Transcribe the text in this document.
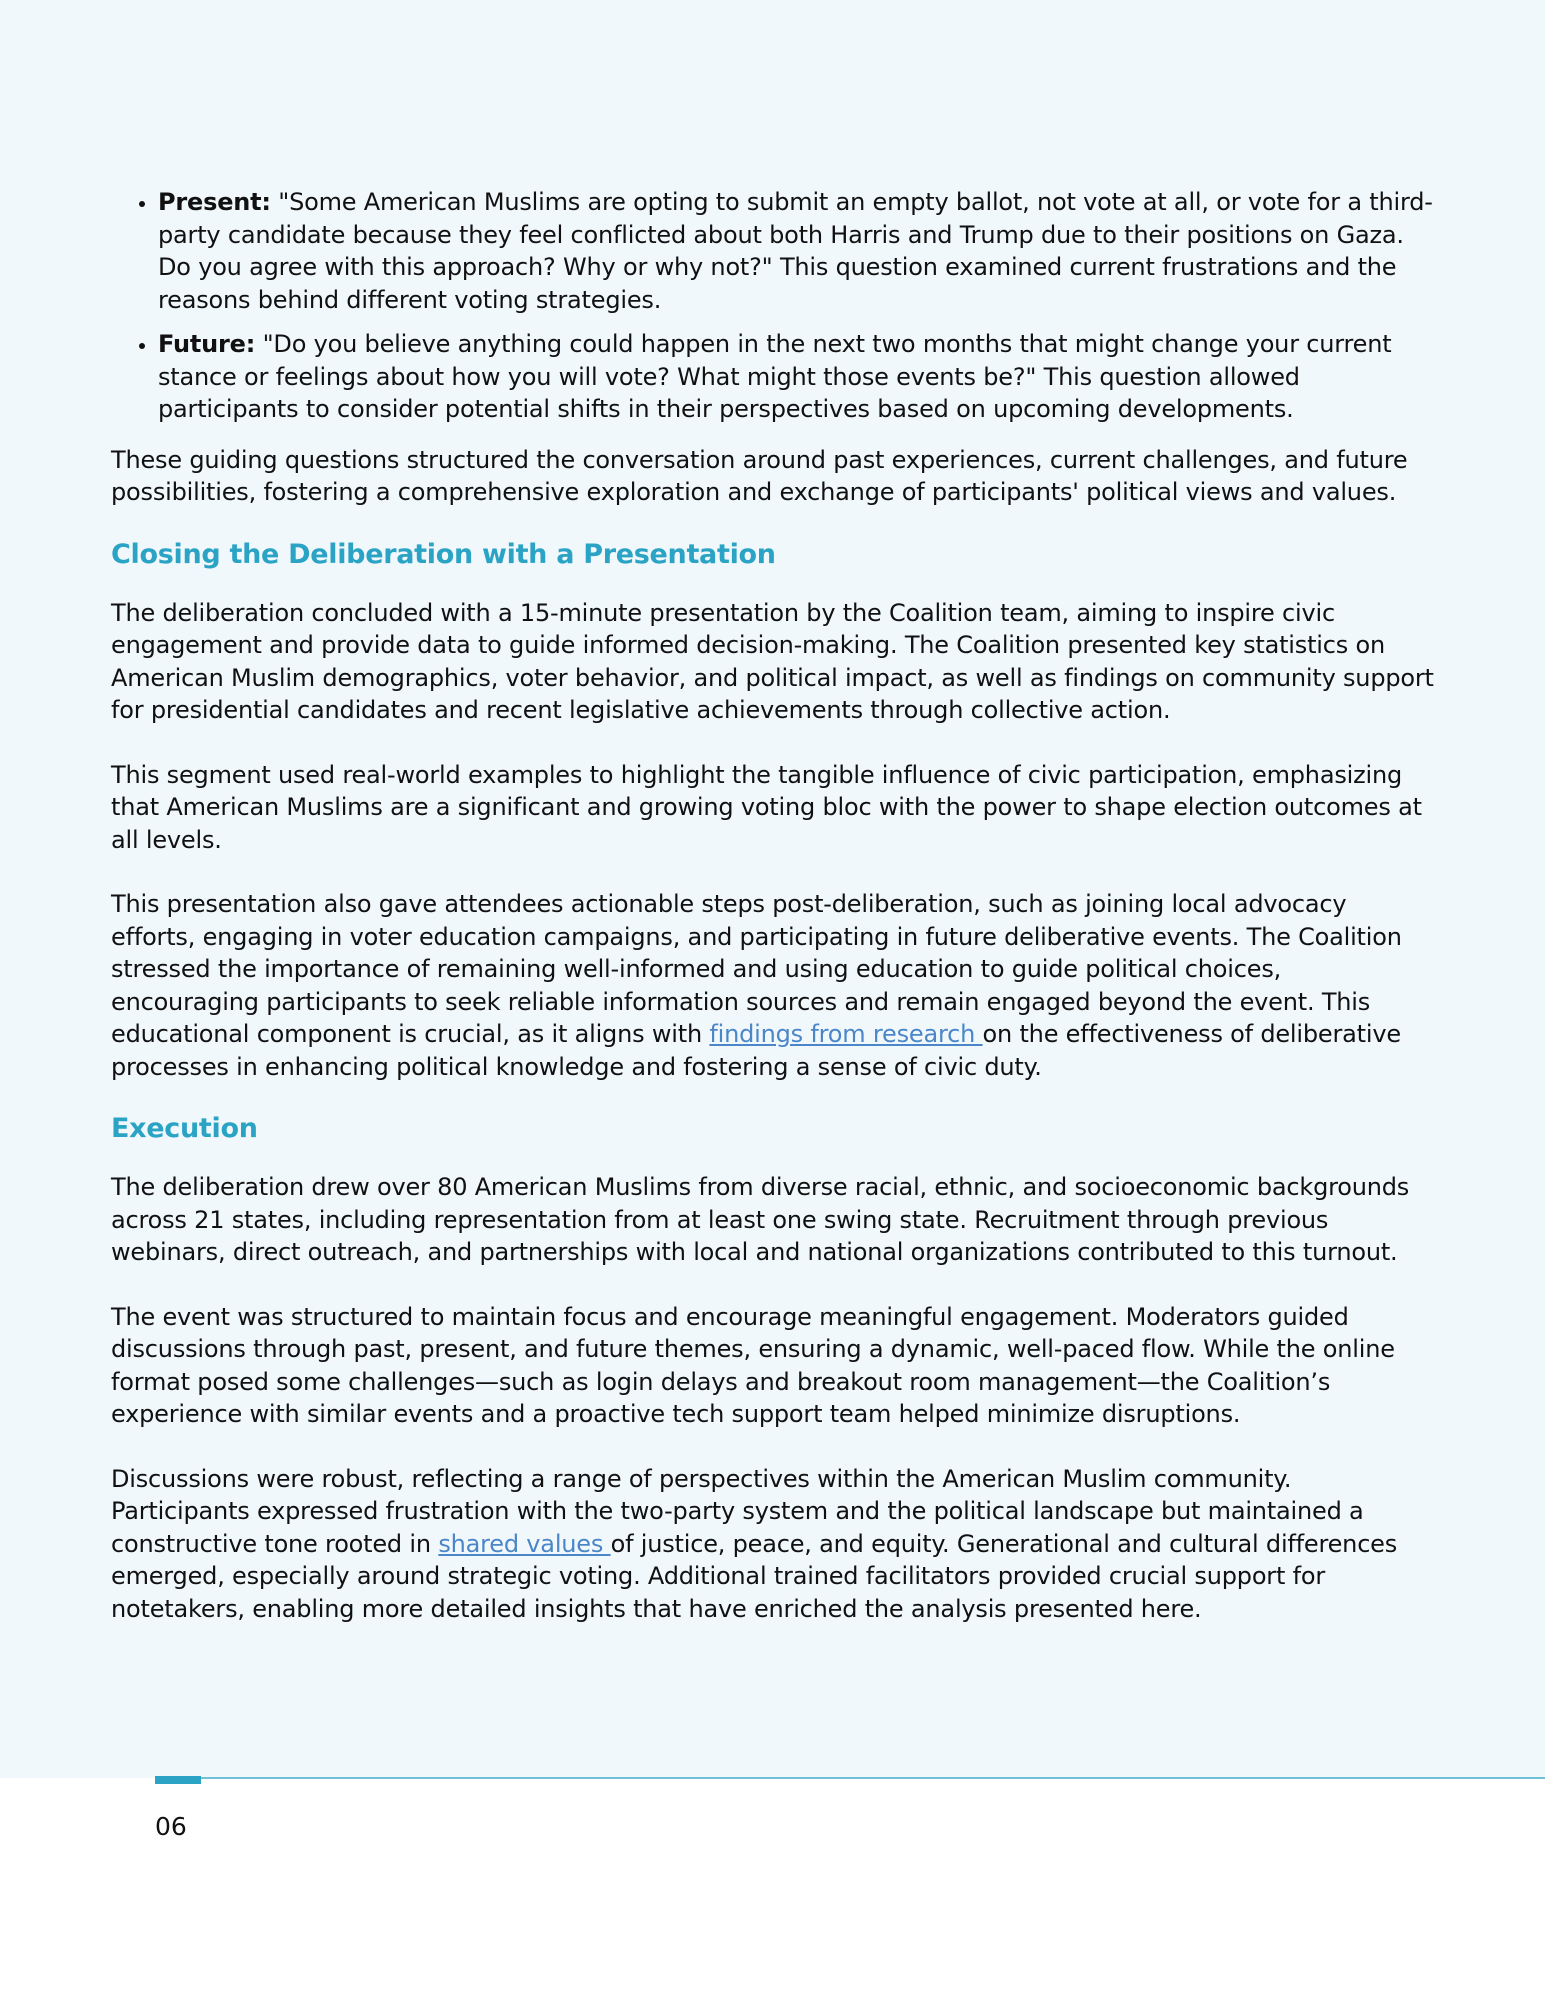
• Present: "Some American Muslims are opting to submit an empty ballot, not vote at all, or vote for a third-party candidate because they feel conflicted about both Harris and Trump due to their positions on Gaza. Do you agree with this approach? Why or why not?" This question examined current frustrations and the reasons behind different voting strategies.
• Future: "Do you believe anything could happen in the next two months that might change your current stance or feelings about how you will vote? What might those events be?" This question allowed participants to consider potential shifts in their perspectives based on upcoming developments.

These guiding questions structured the conversation around past experiences, current challenges, and future possibilities, fostering a comprehensive exploration and exchange of participants' political views and values.

Closing the Deliberation with a Presentation

The deliberation concluded with a 15-minute presentation by the Coalition team, aiming to inspire civic engagement and provide data to guide informed decision-making. The Coalition presented key statistics on American Muslim demographics, voter behavior, and political impact, as well as findings on community support for presidential candidates and recent legislative achievements through collective action.

This segment used real-world examples to highlight the tangible influence of civic participation, emphasizing that American Muslims are a significant and growing voting bloc with the power to shape election outcomes at all levels.

This presentation also gave attendees actionable steps post-deliberation, such as joining local advocacy efforts, engaging in voter education campaigns, and participating in future deliberative events. The Coalition stressed the importance of remaining well-informed and using education to guide political choices, encouraging participants to seek reliable information sources and remain engaged beyond the event. This educational component is crucial, as it aligns with findings from research on the effectiveness of deliberative processes in enhancing political knowledge and fostering a sense of civic duty.

Execution

The deliberation drew over 80 American Muslims from diverse racial, ethnic, and socioeconomic backgrounds across 21 states, including representation from at least one swing state. Recruitment through previous webinars, direct outreach, and partnerships with local and national organizations contributed to this turnout.

The event was structured to maintain focus and encourage meaningful engagement. Moderators guided discussions through past, present, and future themes, ensuring a dynamic, well-paced flow. While the online format posed some challenges—such as login delays and breakout room management—the Coalition’s experience with similar events and a proactive tech support team helped minimize disruptions.

Discussions were robust, reflecting a range of perspectives within the American Muslim community. Participants expressed frustration with the two-party system and the political landscape but maintained a constructive tone rooted in shared values of justice, peace, and equity. Generational and cultural differences emerged, especially around strategic voting. Additional trained facilitators provided crucial support for notetakers, enabling more detailed insights that have enriched the analysis presented here.

06
